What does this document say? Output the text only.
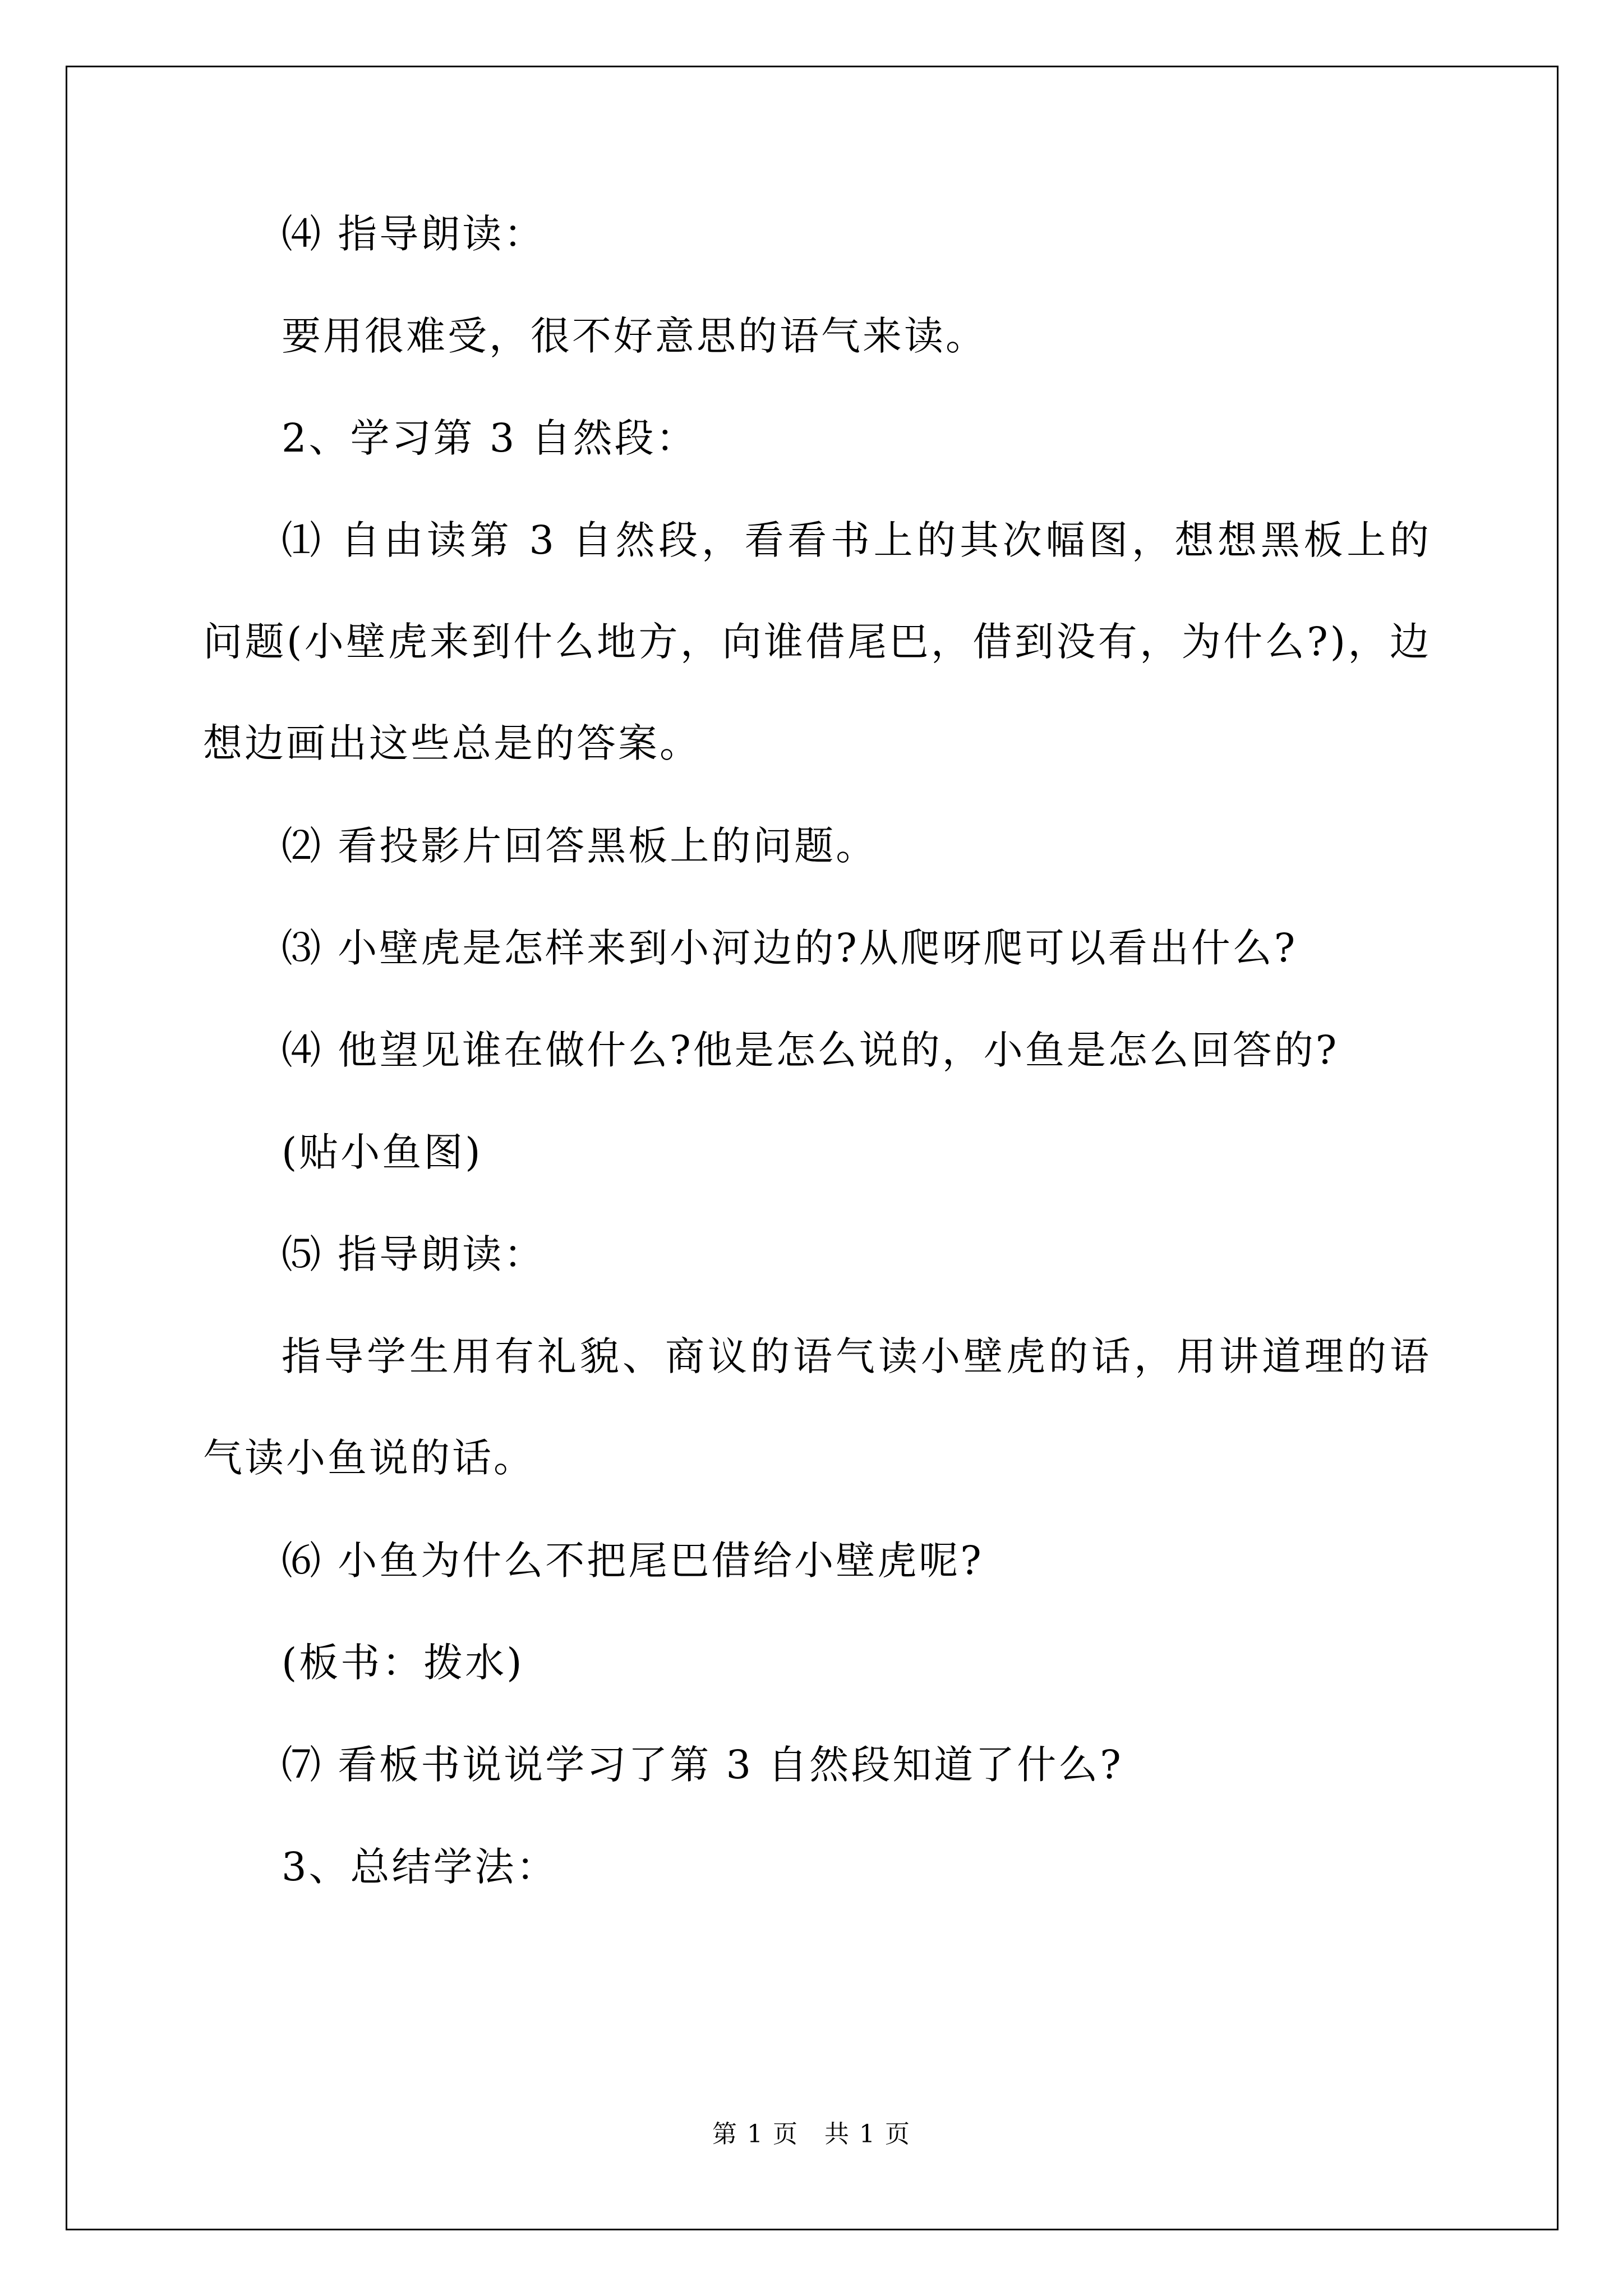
⑷ 指导朗读：

要用很难受，很不好意思的语气来读。

2、学习第 3 自然段：

⑴ 自由读第 3 自然段，看看书上的其次幅图，想想黑板上的问题(小壁虎来到什么地方，向谁借尾巴，借到没有，为什么?)，边想边画出这些总是的答案。

⑵ 看投影片回答黑板上的问题。

⑶ 小壁虎是怎样来到小河边的?从爬呀爬可以看出什么?

⑷ 他望见谁在做什么?他是怎么说的，小鱼是怎么回答的?

(贴小鱼图)

⑸ 指导朗读：

指导学生用有礼貌、商议的语气读小壁虎的话，用讲道理的语气读小鱼说的话。

⑹ 小鱼为什么不把尾巴借给小壁虎呢?

(板书：拨水)

⑺ 看板书说说学习了第 3 自然段知道了什么?

3、总结学法：

第 1 页　共 1 页
